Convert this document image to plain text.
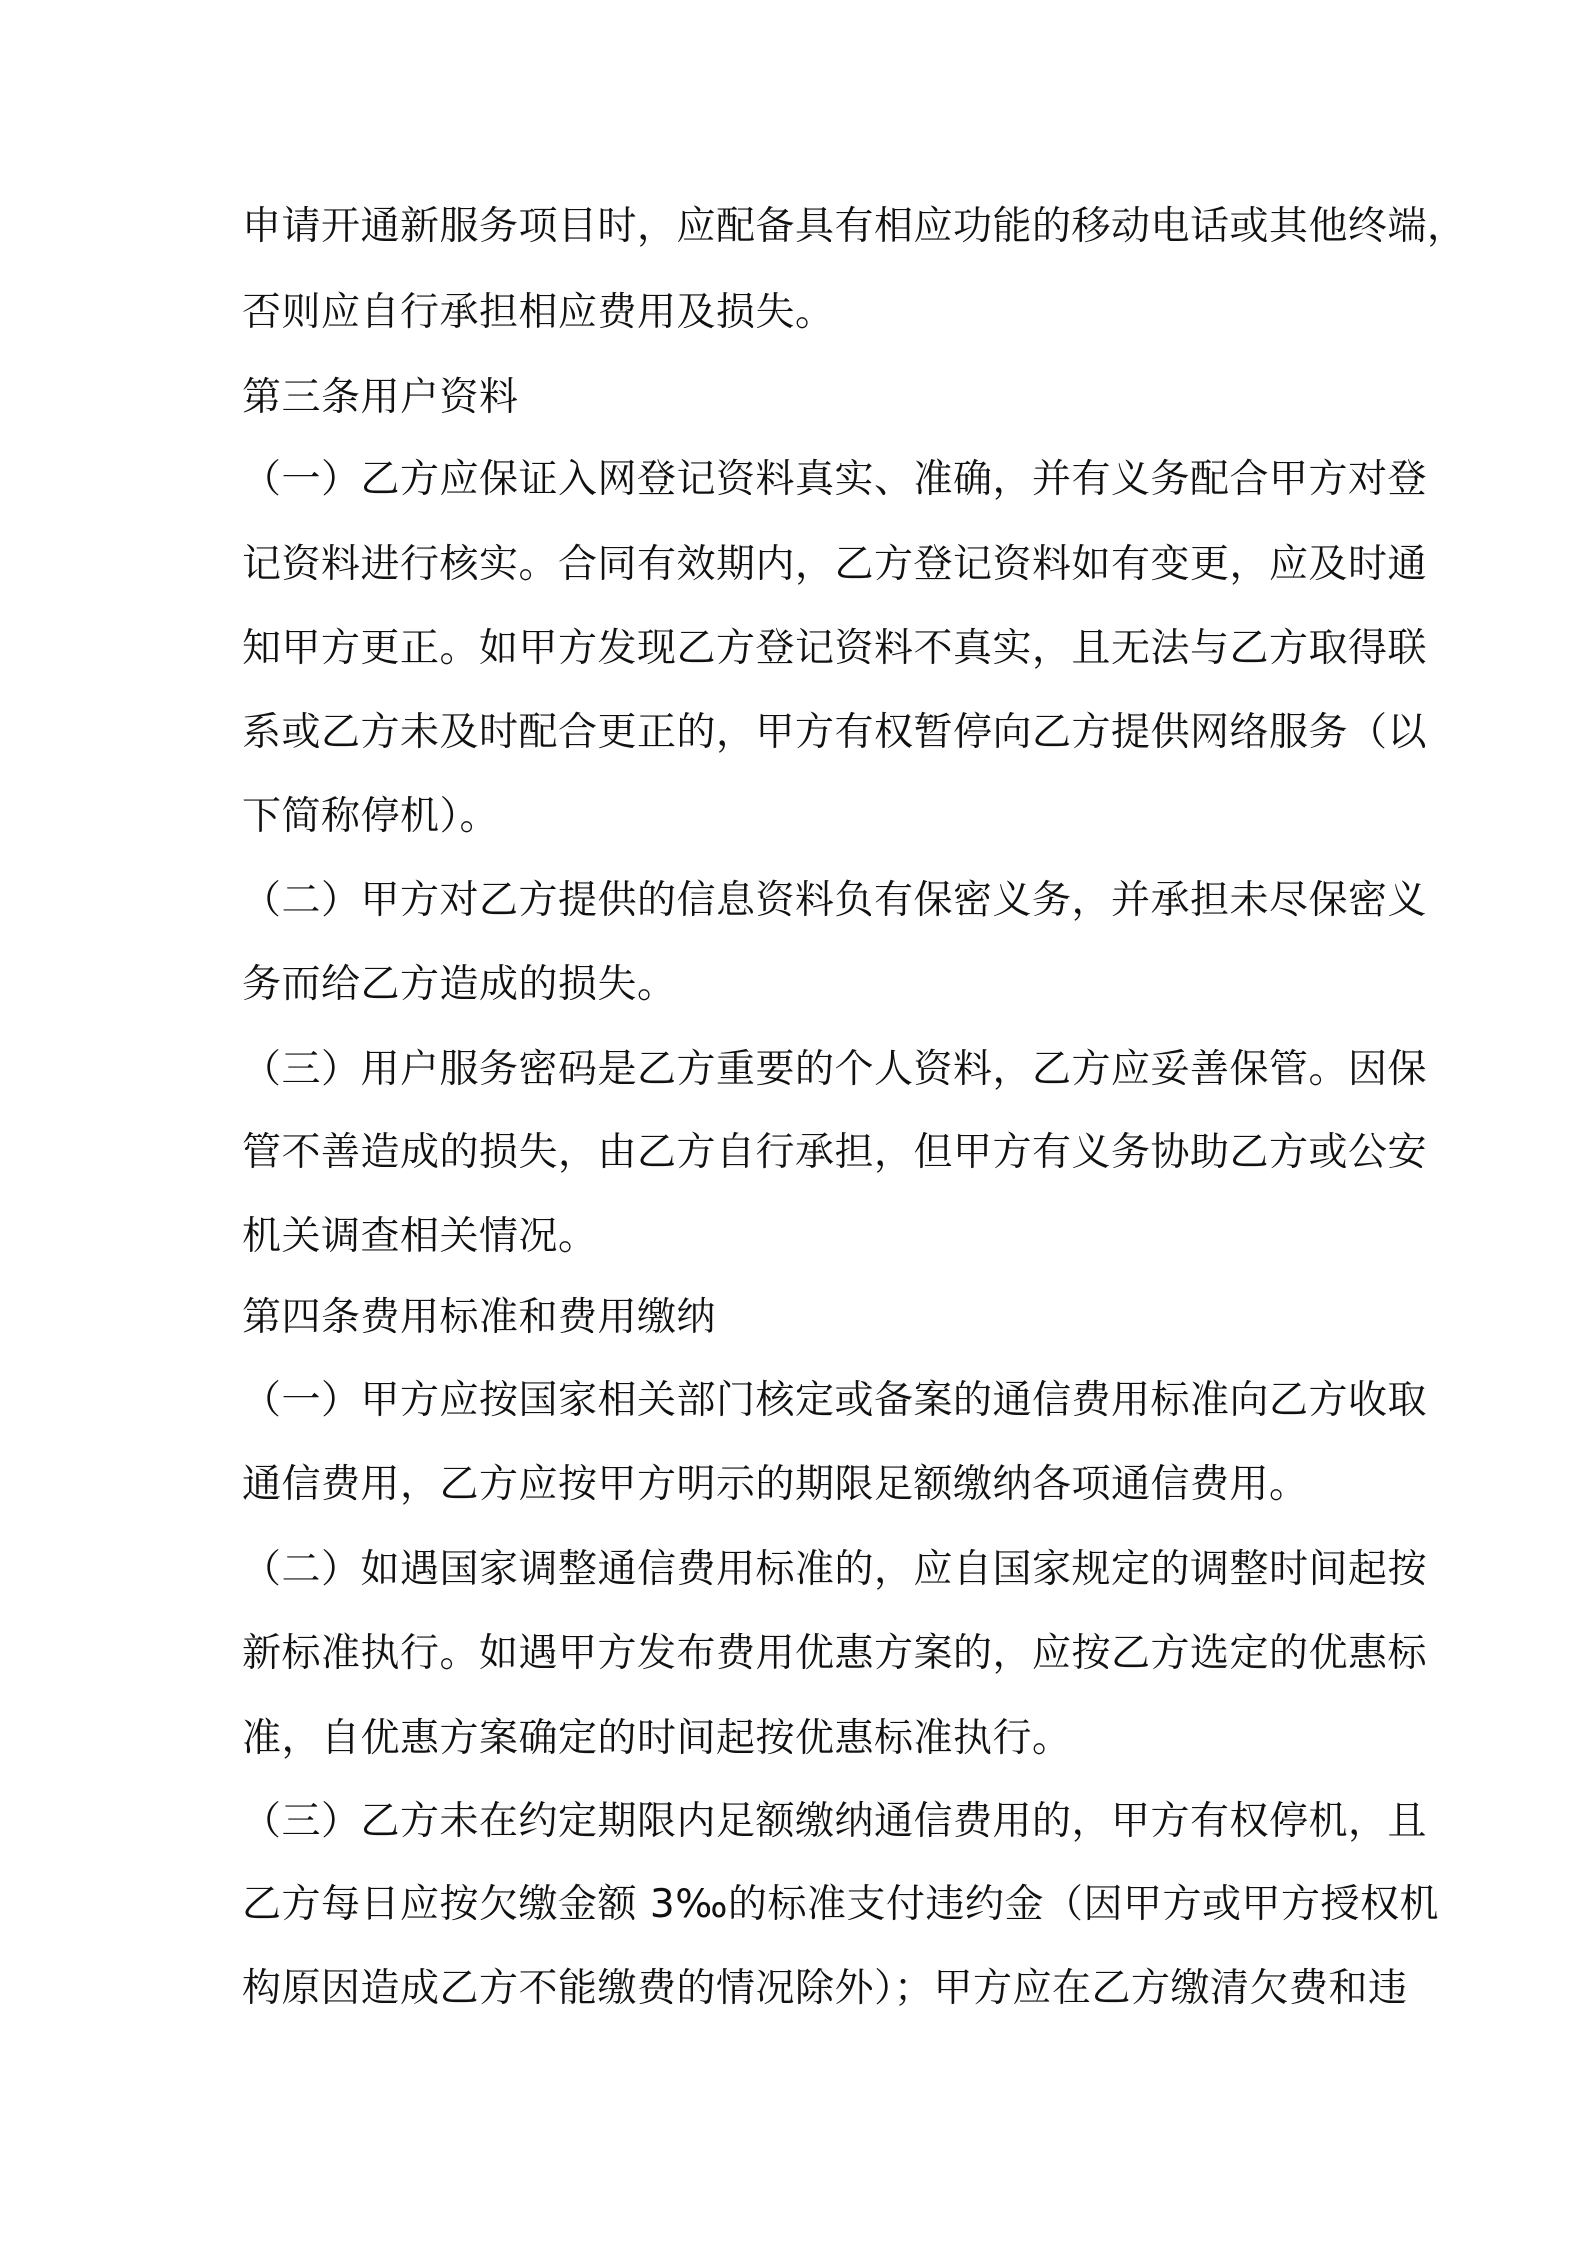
申请开通新服务项目时，应配备具有相应功能的移动电话或其他终端，
否则应自行承担相应费用及损失。
第三条用户资料
（一）乙方应保证入网登记资料真实、准确，并有义务配合甲方对登
记资料进行核实。合同有效期内，乙方登记资料如有变更，应及时通
知甲方更正。如甲方发现乙方登记资料不真实，且无法与乙方取得联
系或乙方未及时配合更正的，甲方有权暂停向乙方提供网络服务（以
下简称停机）。
（二）甲方对乙方提供的信息资料负有保密义务，并承担未尽保密义
务而给乙方造成的损失。
（三）用户服务密码是乙方重要的个人资料，乙方应妥善保管。因保
管不善造成的损失，由乙方自行承担，但甲方有义务协助乙方或公安
机关调查相关情况。
第四条费用标准和费用缴纳
（一）甲方应按国家相关部门核定或备案的通信费用标准向乙方收取
通信费用，乙方应按甲方明示的期限足额缴纳各项通信费用。
（二）如遇国家调整通信费用标准的，应自国家规定的调整时间起按
新标准执行。如遇甲方发布费用优惠方案的，应按乙方选定的优惠标
准，自优惠方案确定的时间起按优惠标准执行。
（三）乙方未在约定期限内足额缴纳通信费用的，甲方有权停机，且
乙方每日应按欠缴金额 3‰的标准支付违约金（因甲方或甲方授权机
构原因造成乙方不能缴费的情况除外）；甲方应在乙方缴清欠费和违
